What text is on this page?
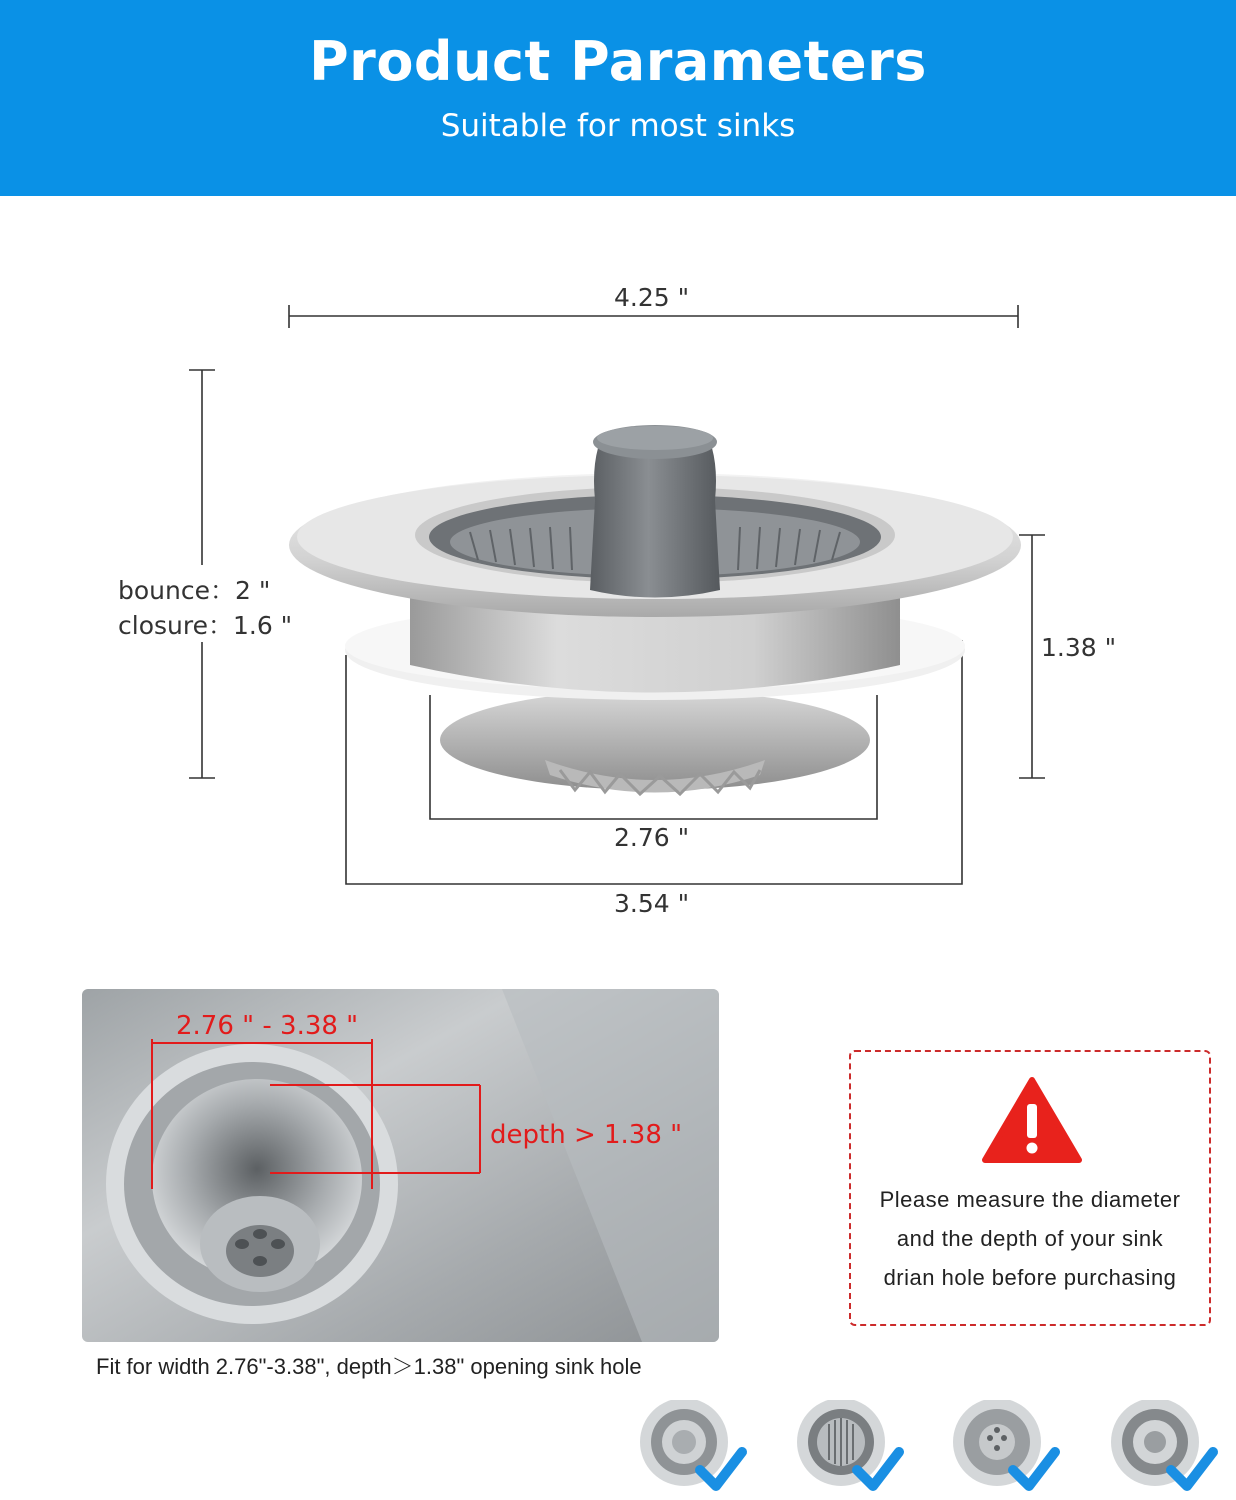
Product Parameters
Suitable for most sinks
4.25 "
bounce：2 "
closure：1.6 "
1.38 "
2.76 "
3.54 "
2.76 " - 3.38 "
depth > 1.38 "
Fit for width 2.76"-3.38", depth＞1.38" opening sink hole
Please measure the diameter
and the depth of your sink
drian hole before purchasing
